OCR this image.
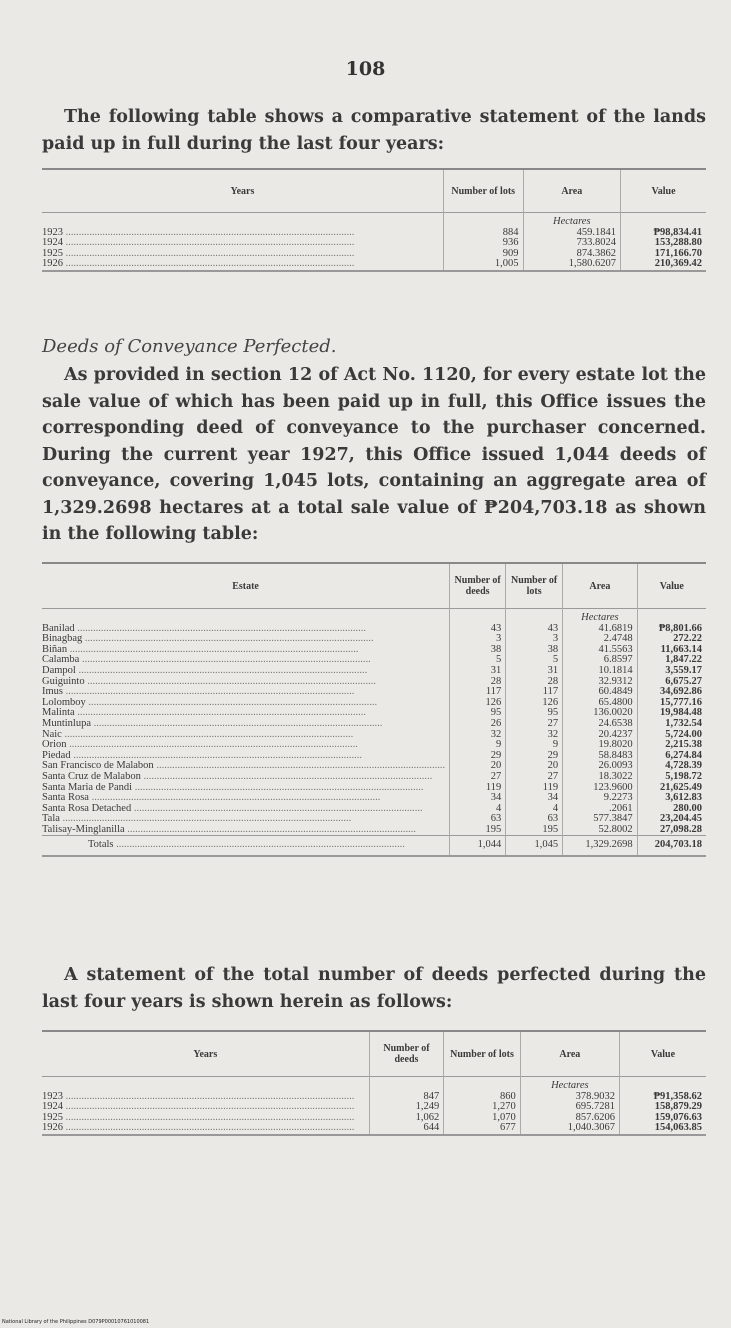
108

The following table shows a comparative statement of the lands paid up in full during the last four years:

Years	Number of lots	Area	Value
		Hectares	
1923 .....	884	459.1841	₱98,834.41
1924 .....	936	733.8024	153,288.80
1925 .....	909	874.3862	171,166.70
1926 .....	1,005	1,580.6207	210,369.42

Deeds of Conveyance Perfected.

As provided in section 12 of Act No. 1120, for every estate lot the sale value of which has been paid up in full, this Office issues the corresponding deed of conveyance to the purchaser concerned. During the current year 1927, this Office issued 1,044 deeds of conveyance, covering 1,045 lots, containing an aggregate area of 1,329.2698 hectares at a total sale value of ₱204,703.18 as shown in the following table:

Estate	Number of deeds	Number of lots	Area	Value
			Hectares	
Banilad .....	43	43	41.6819	₱8,801.66
Binagbag .....	3	3	2.4748	272.22
Biñan .....	38	38	41.5563	11,663.14
Calamba .....	5	5	6.8597	1,847.22
Dampol .....	31	31	10.1814	3,559.17
Guiguinto .....	28	28	32.9312	6,675.27
Imus .....	117	117	60.4849	34,692.86
Lolomboy .....	126	126	65.4800	15,777.16
Malinta .....	95	95	136.0020	19,984.48
Muntinlupa .....	26	27	24.6538	1,732.54
Naic .....	32	32	20.4237	5,724.00
Orion .....	9	9	19.8020	2,215.38
Piedad .....	29	29	58.8483	6,274.84
San Francisco de Malabon .....	20	20	26.0093	4,728.39
Santa Cruz de Malabon .....	27	27	18.3022	5,198.72
Santa Maria de Pandi .....	119	119	123.9600	21,625.49
Santa Rosa .....	34	34	9.2273	3,612.83
Santa Rosa Detached .....	4	4	.2061	280.00
Tala .....	63	63	577.3847	23,204.45
Talisay-Minglanilla .....	195	195	52.8002	27,098.28
Totals .....	1,044	1,045	1,329.2698	204,703.18

A statement of the total number of deeds perfected during the last four years is shown herein as follows:

Years	Number of deeds	Number of lots	Area	Value
			Hectares	
1923 .....	847	860	378.9032	₱91,358.62
1924 .....	1,249	1,270	695.7281	158,879.29
1925 .....	1,062	1,070	857.6206	159,076.63
1926 .....	644	677	1,040.3067	154,063.85
National Library of the Philippines D079P00010761010081
